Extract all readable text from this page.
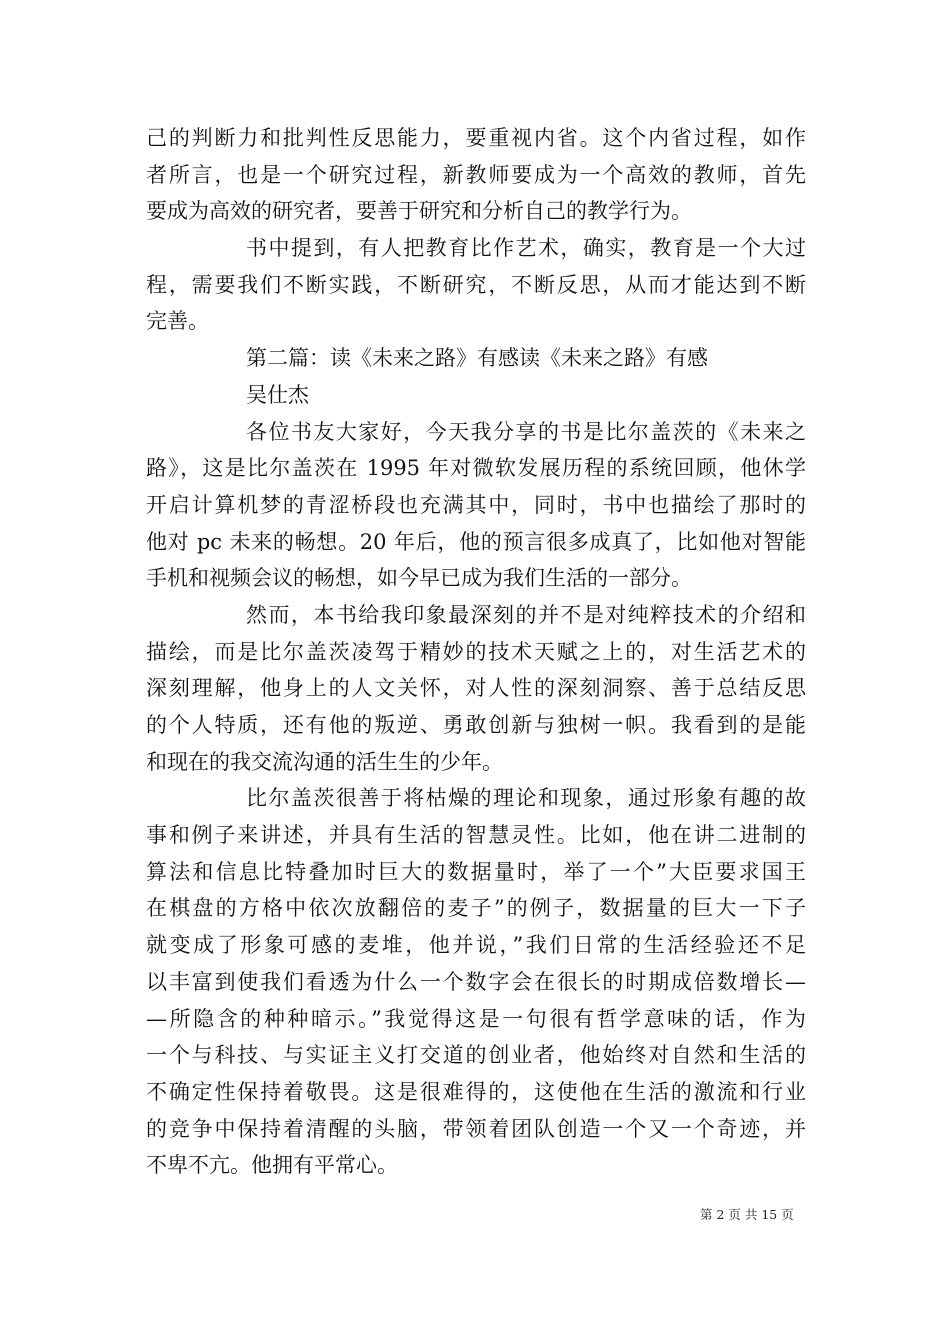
己的判断力和批判性反思能力，要重视内省。这个内省过程，如作
者所言，也是一个研究过程，新教师要成为一个高效的教师，首先
要成为高效的研究者，要善于研究和分析自己的教学行为。
书中提到，有人把教育比作艺术，确实，教育是一个大过
程，需要我们不断实践，不断研究，不断反思，从而才能达到不断
完善。
第二篇：读《未来之路》有感读《未来之路》有感
吴仕杰
各位书友大家好，今天我分享的书是比尔盖茨的《未来之
路》，这是比尔盖茨在 1995 年对微软发展历程的系统回顾，他休学
开启计算机梦的青涩桥段也充满其中，同时，书中也描绘了那时的
他对 pc 未来的畅想。20 年后，他的预言很多成真了，比如他对智能
手机和视频会议的畅想，如今早已成为我们生活的一部分。
然而，本书给我印象最深刻的并不是对纯粹技术的介绍和
描绘，而是比尔盖茨凌驾于精妙的技术天赋之上的，对生活艺术的
深刻理解，他身上的人文关怀，对人性的深刻洞察、善于总结反思
的个人特质，还有他的叛逆、勇敢创新与独树一帜。我看到的是能
和现在的我交流沟通的活生生的少年。
比尔盖茨很善于将枯燥的理论和现象，通过形象有趣的故
事和例子来讲述，并具有生活的智慧灵性。比如，他在讲二进制的
算法和信息比特叠加时巨大的数据量时，举了一个”大臣要求国王
在棋盘的方格中依次放翻倍的麦子”的例子，数据量的巨大一下子
就变成了形象可感的麦堆，他并说，”我们日常的生活经验还不足
以丰富到使我们看透为什么一个数字会在很长的时期成倍数增长—
—所隐含的种种暗示。”我觉得这是一句很有哲学意味的话，作为
一个与科技、与实证主义打交道的创业者，他始终对自然和生活的
不确定性保持着敬畏。这是很难得的，这使他在生活的激流和行业
的竞争中保持着清醒的头脑，带领着团队创造一个又一个奇迹，并
不卑不亢。他拥有平常心。
第 2 页 共 15 页
